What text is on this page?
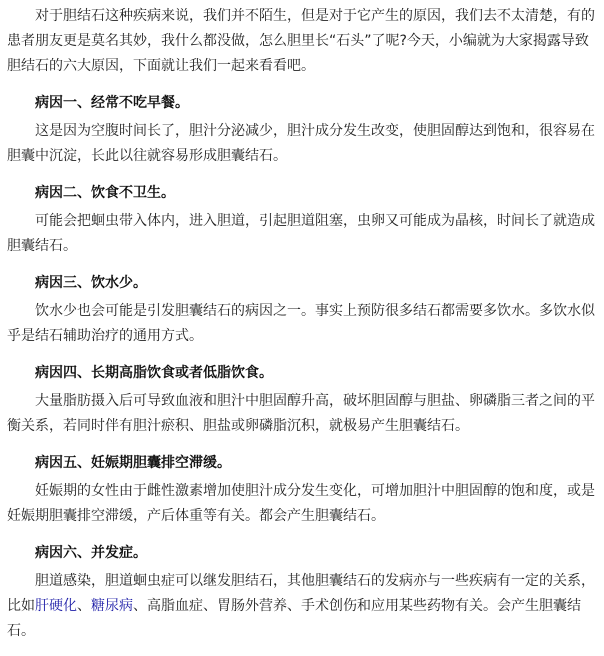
对于胆结石这种疾病来说，我们并不陌生，但是对于它产生的原因，我们去不太清楚，有的患者朋友更是莫名其妙，我什么都没做，怎么胆里长“石头”了呢?今天，小编就为大家揭露导致胆结石的六大原因，下面就让我们一起来看看吧。

病因一、经常不吃早餐。

这是因为空腹时间长了，胆汁分泌减少，胆汁成分发生改变，使胆固醇达到饱和，很容易在胆囊中沉淀，长此以往就容易形成胆囊结石。

病因二、饮食不卫生。

可能会把蛔虫带入体内，进入胆道，引起胆道阻塞，虫卵又可能成为晶核，时间长了就造成胆囊结石。

病因三、饮水少。

饮水少也会可能是引发胆囊结石的病因之一。事实上预防很多结石都需要多饮水。多饮水似乎是结石辅助治疗的通用方式。

病因四、长期高脂饮食或者低脂饮食。

大量脂肪摄入后可导致血液和胆汁中胆固醇升高，破坏胆固醇与胆盐、卵磷脂三者之间的平衡关系，若同时伴有胆汁瘀积、胆盐或卵磷脂沉积，就极易产生胆囊结石。

病因五、妊娠期胆囊排空滞缓。

妊娠期的女性由于雌性激素增加使胆汁成分发生变化，可增加胆汁中胆固醇的饱和度，或是妊娠期胆囊排空滞缓，产后体重等有关。都会产生胆囊结石。

病因六、并发症。

胆道感染，胆道蛔虫症可以继发胆结石，其他胆囊结石的发病亦与一些疾病有一定的关系，比如肝硬化、糖尿病、高脂血症、胃肠外营养、手术创伤和应用某些药物有关。会产生胆囊结石。
